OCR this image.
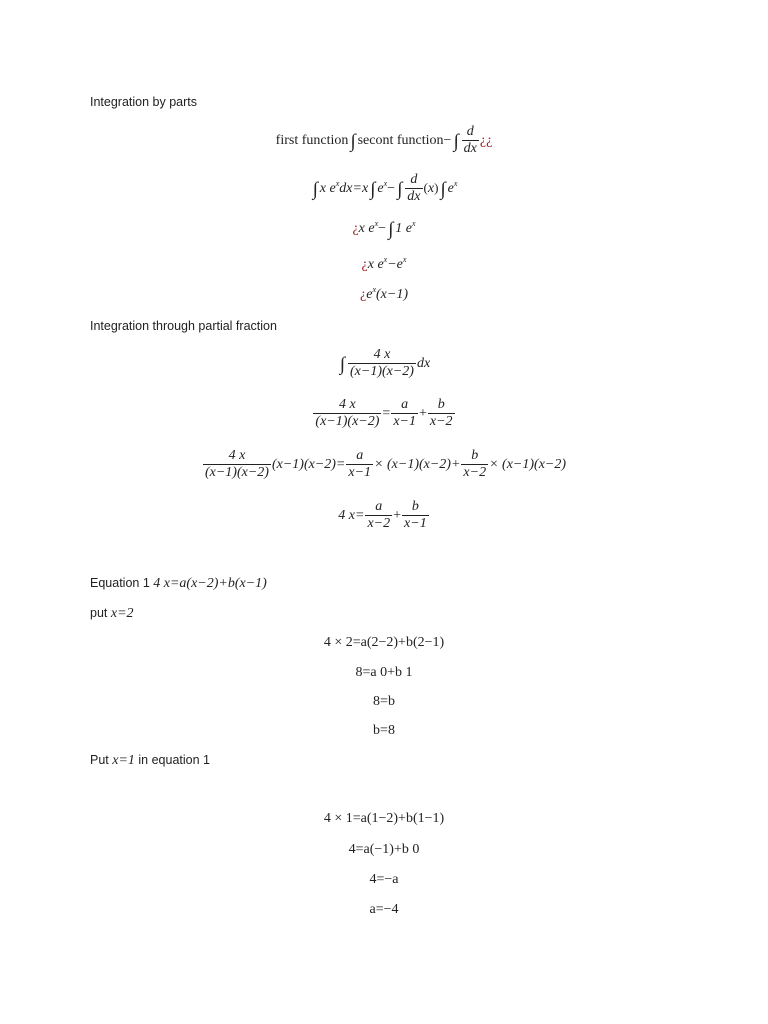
Integration by parts
first function ∫ secont function− ∫ $\frac{d}{dx}$ ¿¿
∫ x $e^xdx=x$ ∫ $e^x-$ ∫ $\frac{d}{dx} (x)$ ∫ $e^x$
¿x $e^x-$ ∫ 1 $e^x$
¿x $e^x-e^x$
¿$e^x(x-1)$
Integration through partial fraction
∫ $\frac{4 x}{(x-1)(x-2)}$ dx
$\frac{4 x}{(x-1)(x-2)} = \frac{a}{x-1} + \frac{b}{x-2}$
$\frac{4 x}{(x-1)(x-2)} (x-1)(x-2)= \frac{a}{x-1} \times (x-1)(x-2)+ \frac{b}{x-2} \times (x-1)(x-2)$
4 $x= \frac{a}{x-2} + \frac{b}{x-1}$
Equation 1 4 x=a(x−2)+b(x−1)
put x=2
4 × 2=a(2−2)+b(2−1)
8=a 0+b 1
8=b
b=8
Put x=1 in equation 1
4 × 1=a(1−2)+b(1−1)
4=a(−1)+b 0
4=−a
a=−4
